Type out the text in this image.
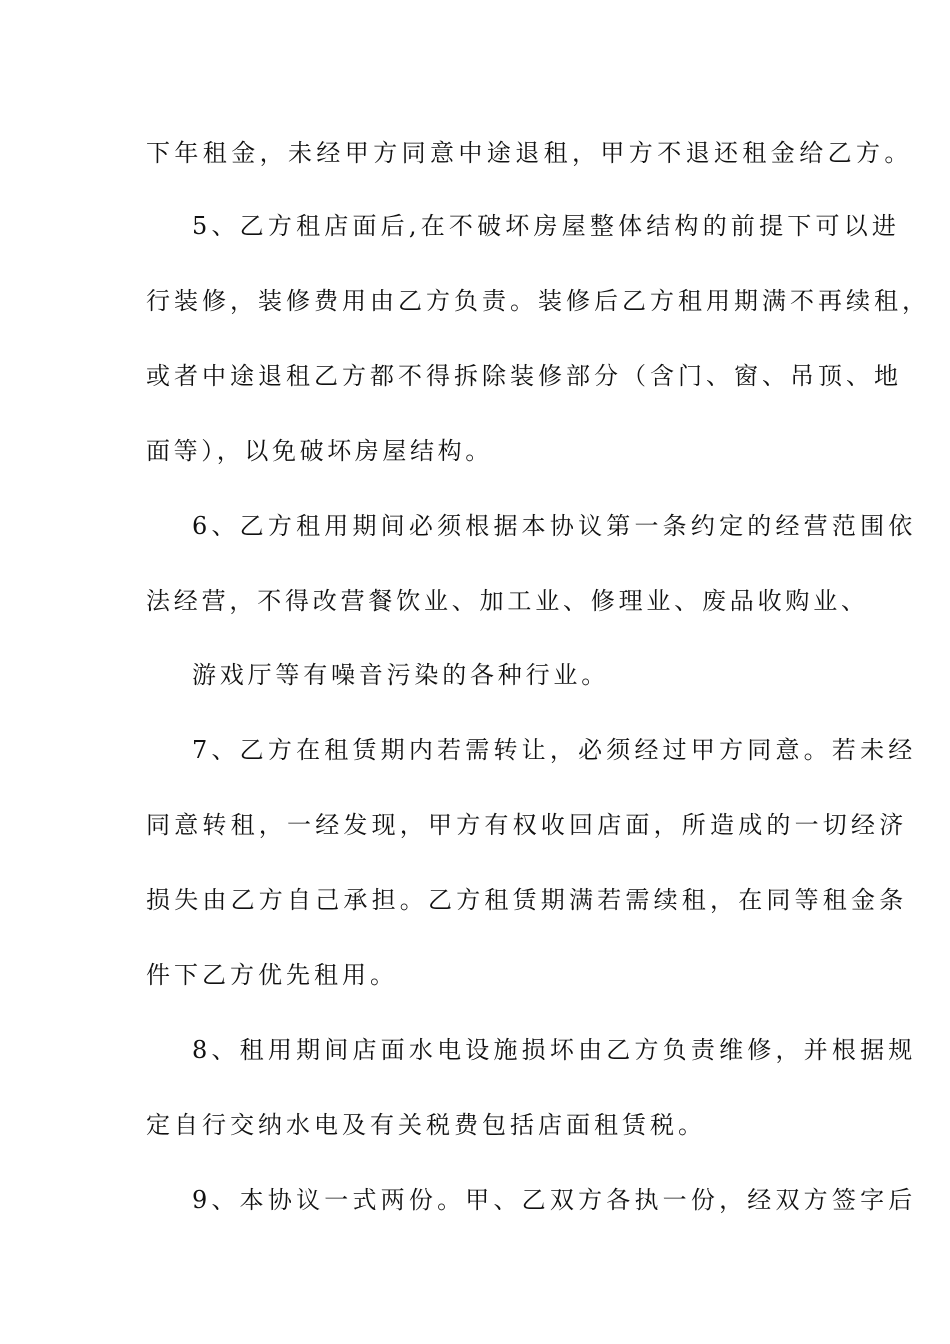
下年租金，未经甲方同意中途退租，甲方不退还租金给乙方。
5、乙方租店面后,在不破坏房屋整体结构的前提下可以进
行装修，装修费用由乙方负责。装修后乙方租用期满不再续租，
或者中途退租乙方都不得拆除装修部分（含门、窗、吊顶、地
面等），以免破坏房屋结构。
6、乙方租用期间必须根据本协议第一条约定的经营范围依
法经营，不得改营餐饮业、加工业、修理业、废品收购业、
游戏厅等有噪音污染的各种行业。
7、乙方在租赁期内若需转让，必须经过甲方同意。若未经
同意转租，一经发现，甲方有权收回店面，所造成的一切经济
损失由乙方自己承担。乙方租赁期满若需续租，在同等租金条
件下乙方优先租用。
8、租用期间店面水电设施损坏由乙方负责维修，并根据规
定自行交纳水电及有关税费包括店面租赁税。
9、本协议一式两份。甲、乙双方各执一份，经双方签字后
